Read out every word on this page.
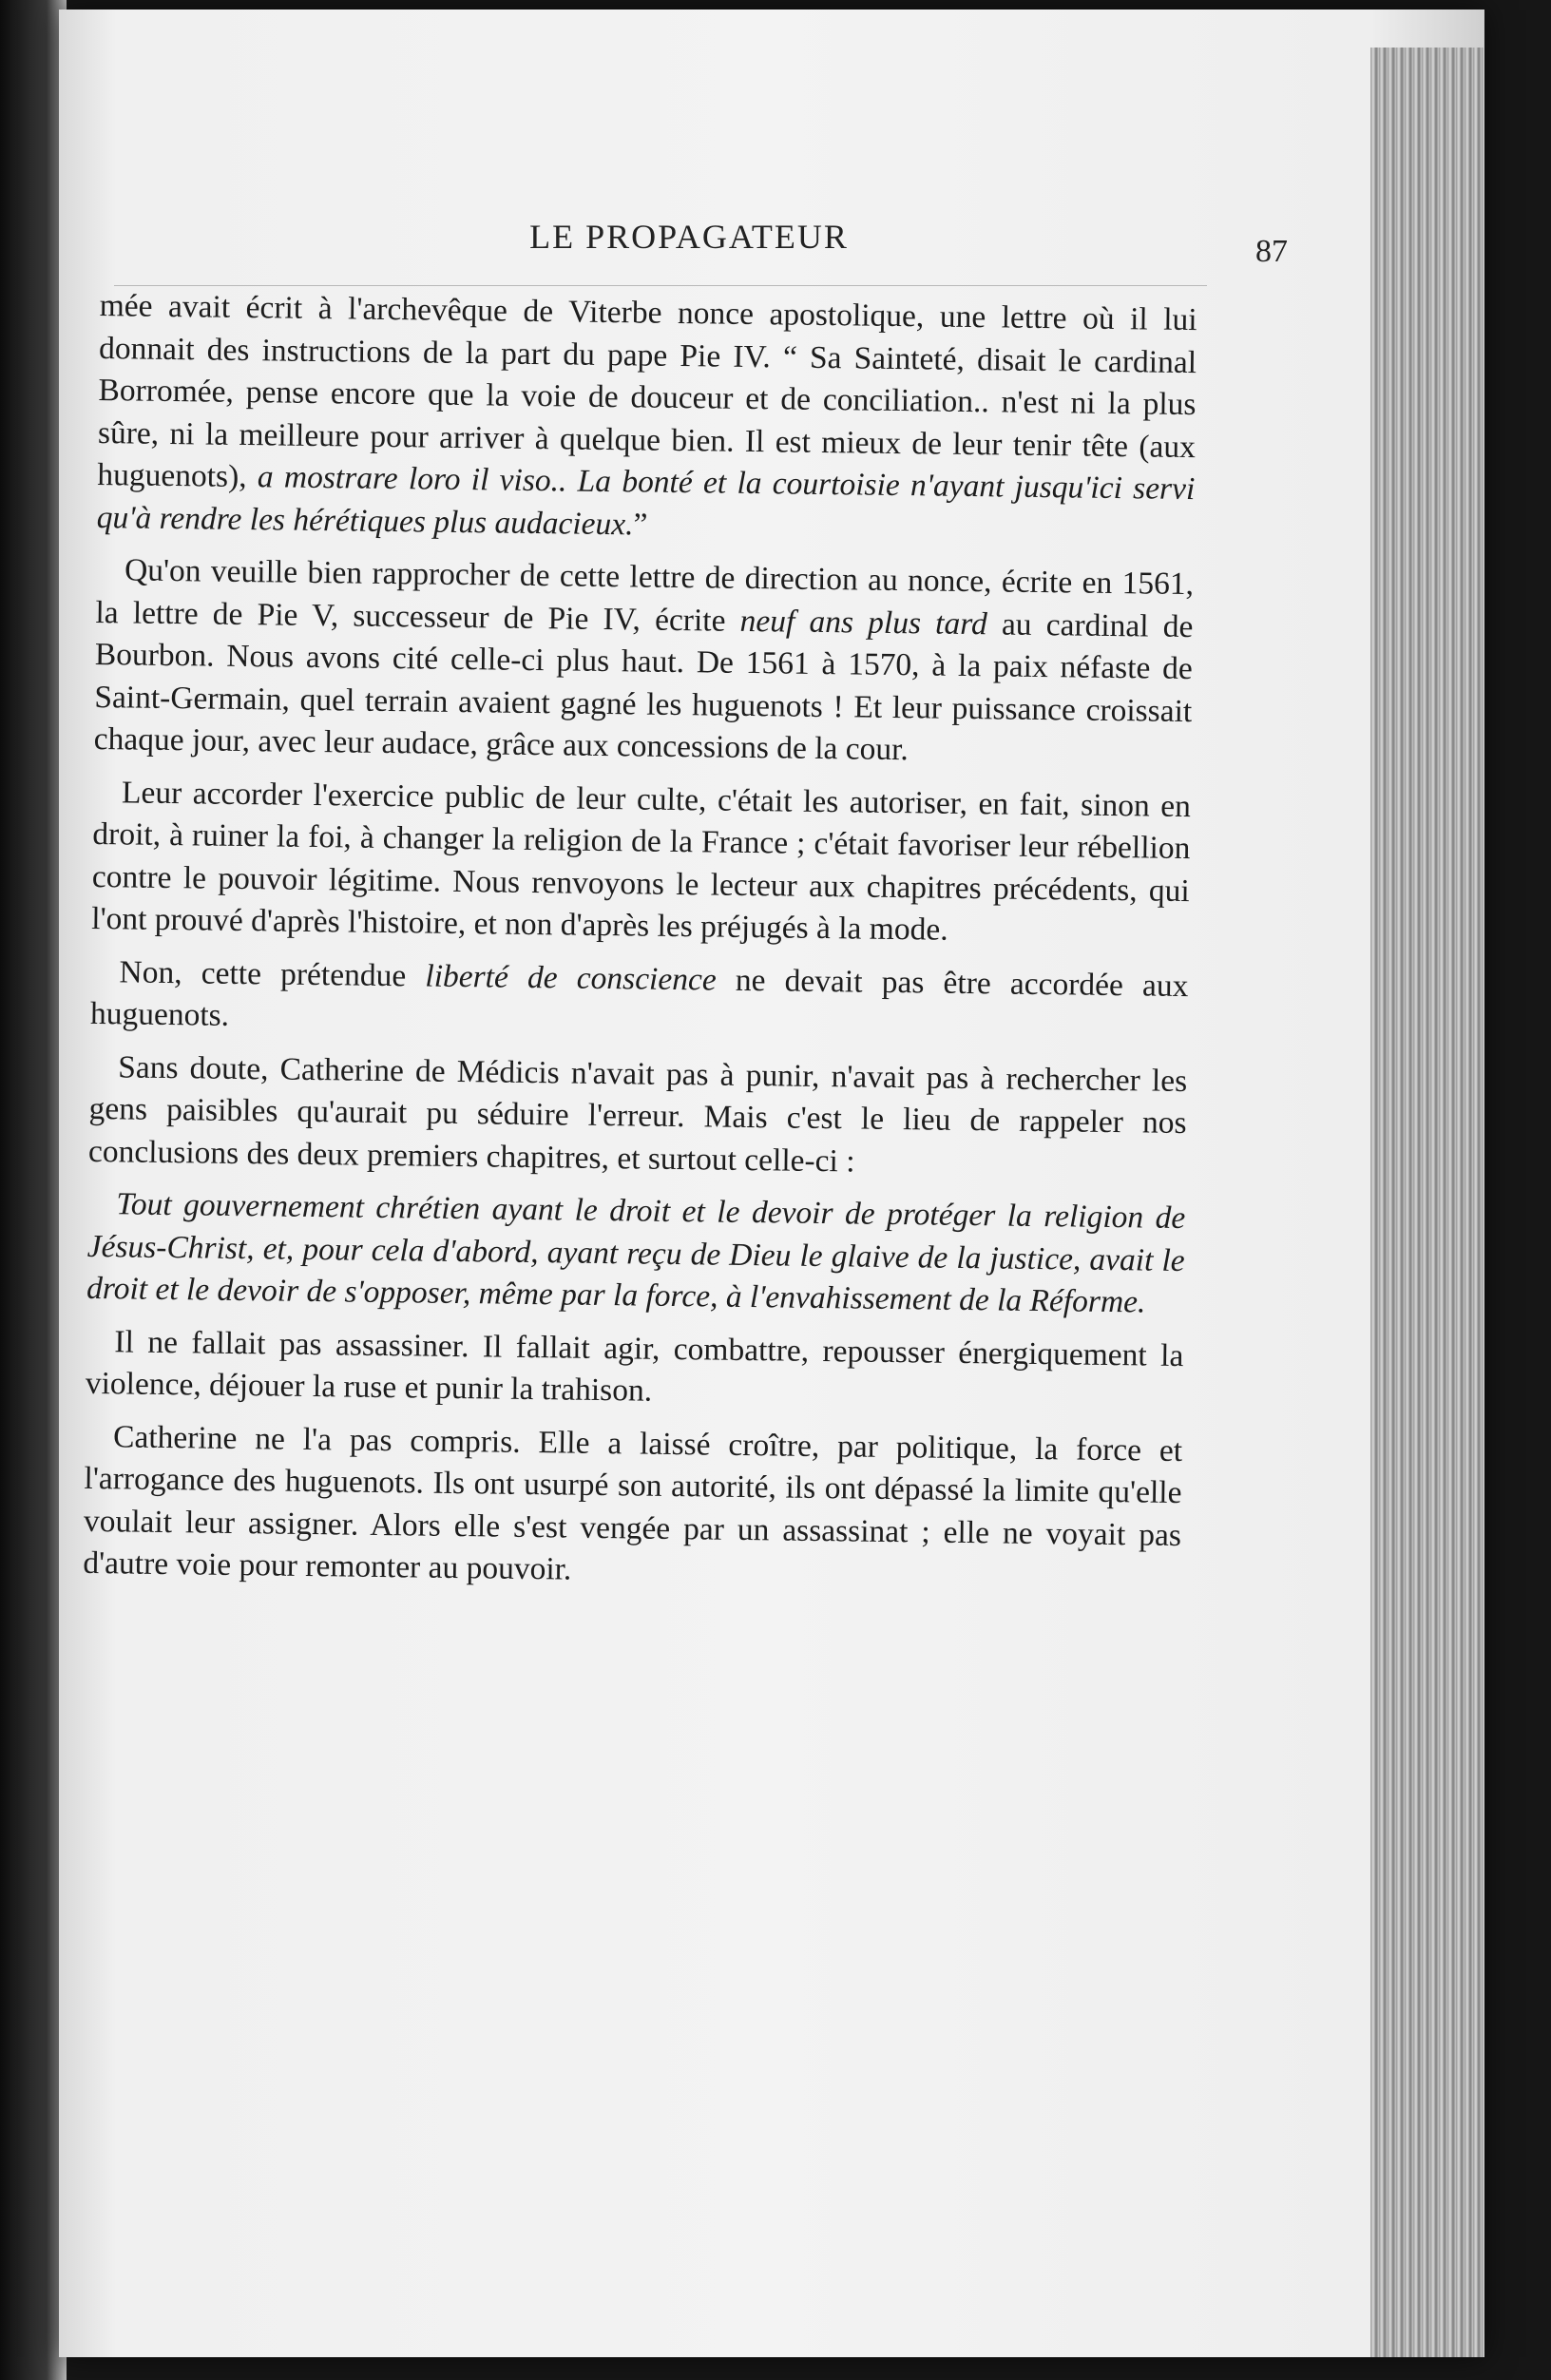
LE PROPAGATEUR	87

mée avait écrit à l'archevêque de Viterbe nonce apostolique, une lettre où il lui donnait des instructions de la part du pape Pie IV. “ Sa Sainteté, disait le cardinal Borromée, pense encore que la voie de douceur et de conciliation.. n'est ni la plus sûre, ni la meilleure pour arriver à quelque bien. Il est mieux de leur tenir tête (aux huguenots), a mostrare loro il viso.. La bonté et la courtoisie n'ayant jusqu'ici servi qu'à rendre les hérétiques plus audacieux.”

Qu'on veuille bien rapprocher de cette lettre de direction au nonce, écrite en 1561, la lettre de Pie V, successeur de Pie IV, écrite neuf ans plus tard au cardinal de Bourbon. Nous avons cité celle-ci plus haut. De 1561 à 1570, à la paix néfaste de Saint-Germain, quel terrain avaient gagné les huguenots ! Et leur puissance croissait chaque jour, avec leur audace, grâce aux concessions de la cour.

Leur accorder l'exercice public de leur culte, c'était les autoriser, en fait, sinon en droit, à ruiner la foi, à changer la religion de la France ; c'était favoriser leur rébellion contre le pouvoir légitime. Nous renvoyons le lecteur aux chapitres précédents, qui l'ont prouvé d'après l'histoire, et non d'après les préjugés à la mode.

Non, cette prétendue liberté de conscience ne devait pas être accordée aux huguenots.

Sans doute, Catherine de Médicis n'avait pas à punir, n'avait pas à rechercher les gens paisibles qu'aurait pu séduire l'erreur. Mais c'est le lieu de rappeler nos conclusions des deux premiers chapitres, et surtout celle-ci :

Tout gouvernement chrétien ayant le droit et le devoir de protéger la religion de Jésus-Christ, et, pour cela d'abord, ayant reçu de Dieu le glaive de la justice, avait le droit et le devoir de s'opposer, même par la force, à l'envahissement de la Réforme.

Il ne fallait pas assassiner. Il fallait agir, combattre, repousser énergiquement la violence, déjouer la ruse et punir la trahison.

Catherine ne l'a pas compris. Elle a laissé croître, par politique, la force et l'arrogance des huguenots. Ils ont usurpé son autorité, ils ont dépassé la limite qu'elle voulait leur assigner. Alors elle s'est vengée par un assassinat ; elle ne voyait pas d'autre voie pour remonter au pouvoir.
